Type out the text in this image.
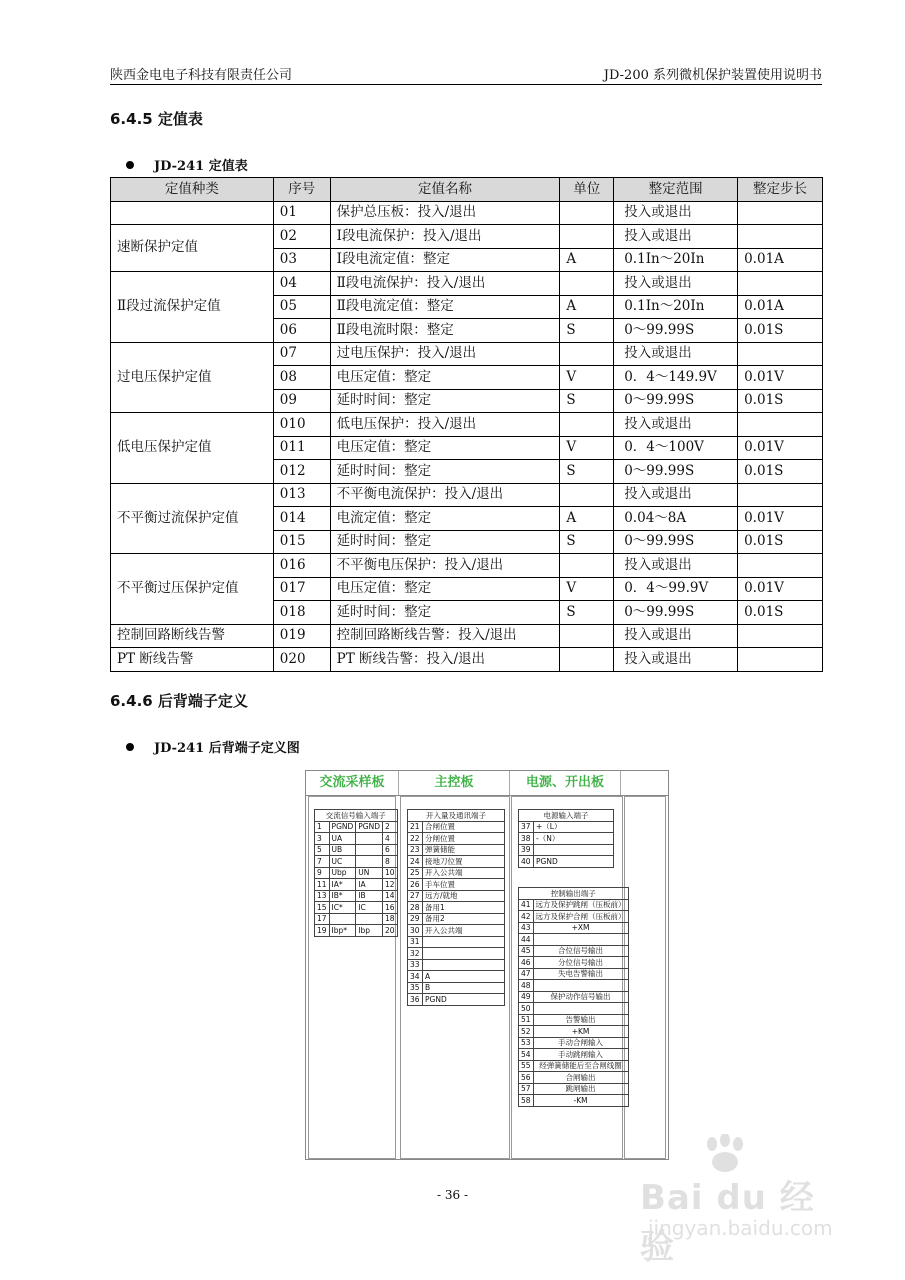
陕西金电电子科技有限责任公司	JD-200 系列微机保护装置使用说明书
6.4.5 定值表
JD-241 定值表
定值种类	序号	定值名称	单位	整定范围	整定步长
	01	保护总压板：投入/退出		投入或退出	
速断保护定值	02	Ⅰ段电流保护：投入/退出		投入或退出	
	03	Ⅰ段电流定值：整定	A	0.1In～20In	0.01A
Ⅱ段过流保护定值	04	Ⅱ段电流保护：投入/退出		投入或退出	
	05	Ⅱ段电流定值：整定	A	0.1In～20In	0.01A
	06	Ⅱ段电流时限：整定	S	0～99.99S	0.01S
过电压保护定值	07	过电压保护：投入/退出		投入或退出	
	08	电压定值：整定	V	0．4～149.9V	0.01V
	09	延时时间：整定	S	0～99.99S	0.01S
低电压保护定值	010	低电压保护：投入/退出		投入或退出	
	011	电压定值：整定	V	0．4～100V	0.01V
	012	延时时间：整定	S	0～99.99S	0.01S
不平衡过流保护定值	013	不平衡电流保护：投入/退出		投入或退出	
	014	电流定值：整定	A	0.04～8A	0.01V
	015	延时时间：整定	S	0～99.99S	0.01S
不平衡过压保护定值	016	不平衡电压保护：投入/退出		投入或退出	
	017	电压定值：整定	V	0．4～99.9V	0.01V
	018	延时时间：整定	S	0～99.99S	0.01S
控制回路断线告警	019	控制回路断线告警：投入/退出		投入或退出	
PT 断线告警	020	PT 断线告警：投入/退出		投入或退出	
6.4.6 后背端子定义
JD-241 后背端子定义图
交流采样板	主控板	电源、开出板
交流信号输入端子			
1	PGND	PGND	2
3	UA		4
5	UB		6
7	UC		8
9	Ubp	UN	10
11	IA*	IA	12
13	IB*	IB	14
15	IC*	IC	16
17			18
19	Ibp*	Ibp	20
开入量及通讯端子	
21	合闸位置
22	分闸位置
23	弹簧储能
24	接地刀位置
25	开入公共端
26	手车位置
27	远方/就地
28	备用1
29	备用2
30	开入公共端
31	
32	
33	
34	A
35	B
36	PGND
电源输入端子	
37	+（L）
38	-（N）
39	
40	PGND
控制输出端子	
41	远方及保护跳闸（压板前）
42	远方及保护合闸（压板前）
43	+XM
44	
45	合位信号输出
46	分位信号输出
47	失电告警输出
48	
49	保护动作信号输出
50	
51	告警输出
52	+KM
53	手动合闸输入
54	手动跳闸输入
55	经弹簧储能后至合闸线圈
56	合闸输出
57	跳闸输出
58	-KM
- 36 -	Bai du 经验
jingyan.baidu.com
